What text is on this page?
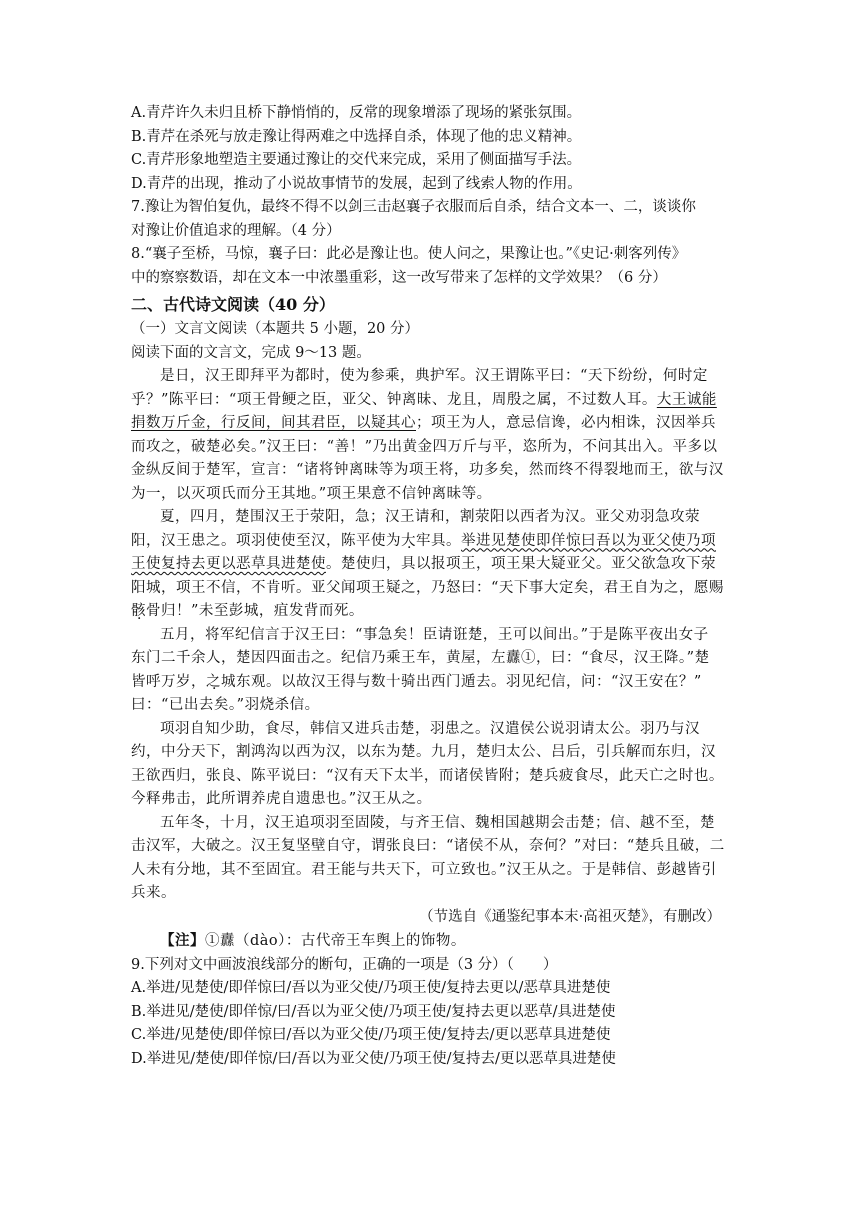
A.青芹许久未归且桥下静悄悄的，反常的现象增添了现场的紧张氛围。
B.青芹在杀死与放走豫让得两难之中选择自杀，体现了他的忠义精神。
C.青芹形象地塑造主要通过豫让的交代来完成，采用了侧面描写手法。
D.青芹的出现，推动了小说故事情节的发展，起到了线索人物的作用。
7.豫让为智伯复仇，最终不得不以剑三击赵襄子衣服而后自杀，结合文本一、二，谈谈你
对豫让价值追求的理解。（4 分）
8.“襄子至桥，马惊，襄子曰：此必是豫让也。使人问之，果豫让也。”《史记·刺客列传》
中的察察数语，却在文本一中浓墨重彩，这一改写带来了怎样的文学效果？（6 分）
二、古代诗文阅读（40 分）
（一）文言文阅读（本题共 5 小题，20 分）
阅读下面的文言文，完成 9～13 题。
是日，汉王即拜平为都时，使为参乘，典护军。汉王谓陈平曰：“天下纷纷，何时定
乎？”陈平曰：“项王骨鲠之臣，亚父、钟离昧、龙且，周殷之属，不过数人耳。大王诚能
捐数万斤金，行反间，间其君臣，以疑其心；项王为人，意忌信谗，必内相诛，汉因举兵
而攻之，破楚必矣。”汉王曰：“善！”乃出黄金四万斤与平，恣所为，不问其出入。平多以
金纵反间于楚军，宣言：“诸将钟离昧等为项王将，功多矣，然而终不得裂地而王，欲与汉
为一，以灭项氏而分王其地。”项王果意不信钟离昧等。
夏，四月，楚围汉王于荥阳，急；汉王请和，割荥阳以西者为汉。亚父劝羽急攻荥
阳，汉王患之。项羽使使至汉，陈平使为大牢具。举进见楚使即佯惊曰吾以为亚父使乃项
王使复持去更以恶草具进楚使。楚使归，具以报项王，项王果大疑亚父。亚父欲急攻下荥
阳城，项王不信，不肯听。亚父闻项王疑之，乃怒曰：“天下事大定矣，君王自为之，愿赐
骸骨归！”未至彭城，疽发背而死。
五月，将军纪信言于汉王曰：“事急矣！臣请诳楚，王可以间出。”于是陈平夜出女子
东门二千余人，楚因四面击之。纪信乃乘王车，黄屋，左纛①，曰：“食尽，汉王降。”楚
皆呼万岁，之城东观。以故汉王得与数十骑出西门遁去。羽见纪信，问：“汉王安在？”
曰：“已出去矣。”羽烧杀信。
项羽自知少助，食尽，韩信又进兵击楚，羽患之。汉遣侯公说羽请太公。羽乃与汉
约，中分天下，割鸿沟以西为汉，以东为楚。九月，楚归太公、吕后，引兵解而东归，汉
王欲西归，张良、陈平说曰：“汉有天下太半，而诸侯皆附；楚兵疲食尽，此天亡之时也。
今释弗击，此所谓养虎自遗患也。”汉王从之。
五年冬，十月，汉王追项羽至固陵，与齐王信、魏相国越期会击楚；信、越不至，楚
击汉军，大破之。汉王复坚壁自守，谓张良曰：“诸侯不从，奈何？”对曰：“楚兵且破，二
人未有分地，其不至固宜。君王能与共天下，可立致也。”汉王从之。于是韩信、彭越皆引
兵来。
（节选自《通鉴纪事本末·高祖灭楚》，有删改）
【注】①纛（dào）：古代帝王车舆上的饰物。
9.下列对文中画波浪线部分的断句，正确的一项是（3 分）（　　）
A.举进/见楚使/即佯惊曰/吾以为亚父使/乃项王使/复持去更以/恶草具进楚使
B.举进见/楚使/即佯惊/曰/吾以为亚父使/乃项王使/复持去更以恶草/具进楚使
C.举进/见楚使/即佯惊曰/吾以为亚父使/乃项王使/复持去/更以恶草具进楚使
D.举进见/楚使/即佯惊/曰/吾以为亚父使/乃项王使/复持去/更以恶草具进楚使
